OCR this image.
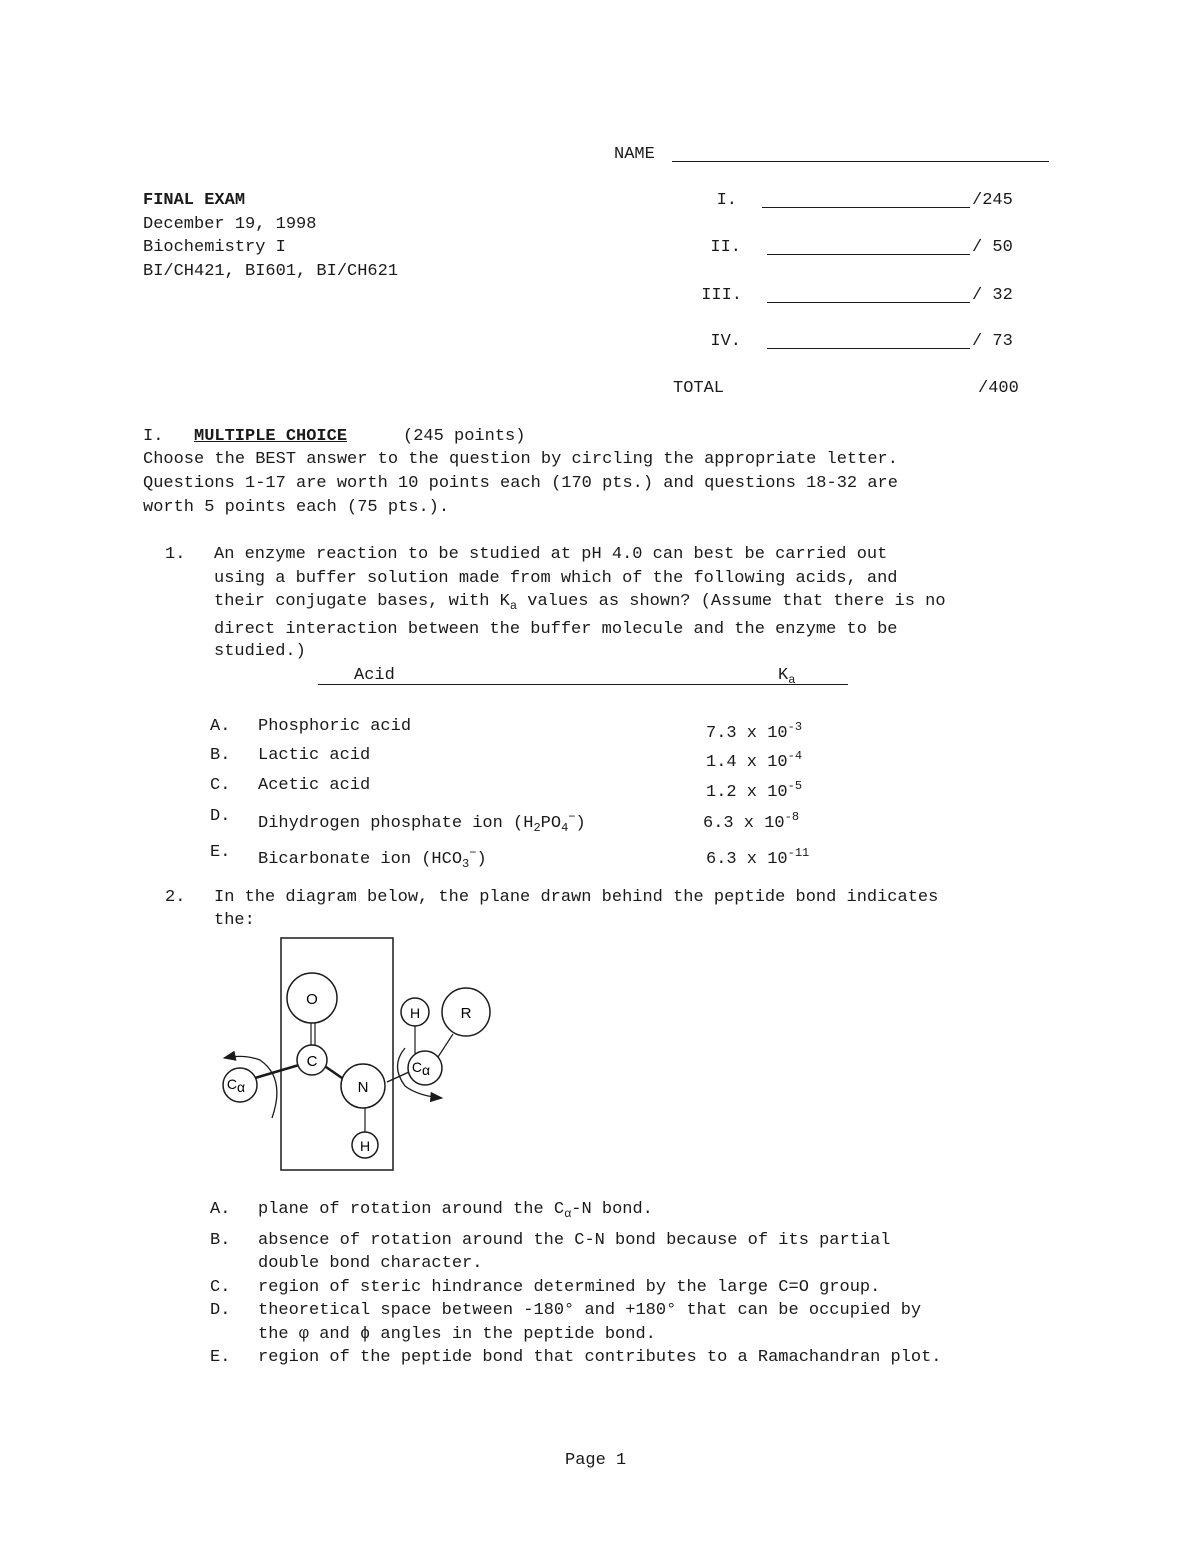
NAME
FINAL EXAM
December 19, 1998
Biochemistry I
BI/CH421, BI601, BI/CH621
I.	/245
II.	/ 50
III.	/ 32
IV.	/ 73
TOTAL	/400
I. MULTIPLE CHOICE	(245 points)
Choose the BEST answer to the question by circling the appropriate letter.
Questions 1-17 are worth 10 points each (170 pts.) and questions 18-32 are
worth 5 points each (75 pts.).
1. An enzyme reaction to be studied at pH 4.0 can best be carried out
using a buffer solution made from which of the following acids, and
their conjugate bases, with $K_a$ values as shown? (Assume that there is no
direct interaction between the buffer molecule and the enzyme to be
studied.)
Acid	$K_a$
A. Phosphoric acid	7.3 x $10^{-3}$
B. Lactic acid	1.4 x $10^{-4}$
C. Acetic acid	1.2 x $10^{-5}$
D. Dihydrogen phosphate ion $(H_2PO_4^-)$	6.3 x $10^{-8}$
E. Bicarbonate ion $(HCO_3^-)$	6.3 x $10^{-11}$
2. In the diagram below, the plane drawn behind the peptide bond indicates
the:
O
C
N
H
Cα
Cα
H	R
A. plane of rotation around the $C_\alpha-N$ bond.
B. absence of rotation around the C-N bond because of its partial
double bond character.
C. region of steric hindrance determined by the large C=O group.
D. theoretical space between -180° and +180° that can be occupied by
the φ and ϕ angles in the peptide bond.
E. region of the peptide bond that contributes to a Ramachandran plot.
Page 1
